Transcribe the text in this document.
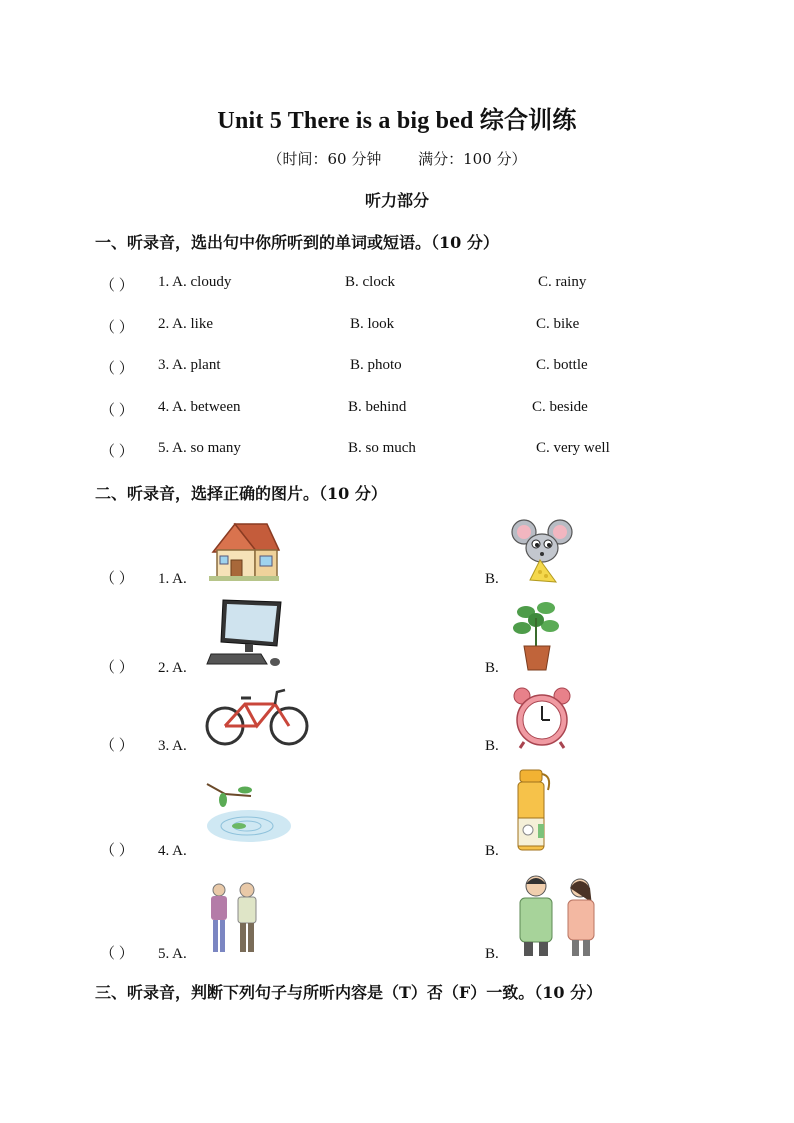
Unit 5 There is a big bed 综合训练
（时间：60 分钟 满分：100 分）
听力部分
一、听录音，选出句中你所听到的单词或短语。（10 分）
（ ） 1. A. cloudy	B. clock	C. rainy
（ ） 2. A. like	B. look	C. bike
（ ） 3. A. plant	B. photo	C. bottle
（ ） 4. A. between	B. behind	C. beside
（ ） 5. A. so many	B. so much	C. very well
二、听录音，选择正确的图片。（10 分）
（ ） 1. A.	B.
（ ） 2. A.	B.
（ ） 3. A.	B.
（ ） 4. A.	B.
（ ） 5. A.	B.
三、听录音，判断下列句子与所听内容是（T）否（F）一致。（10 分）
